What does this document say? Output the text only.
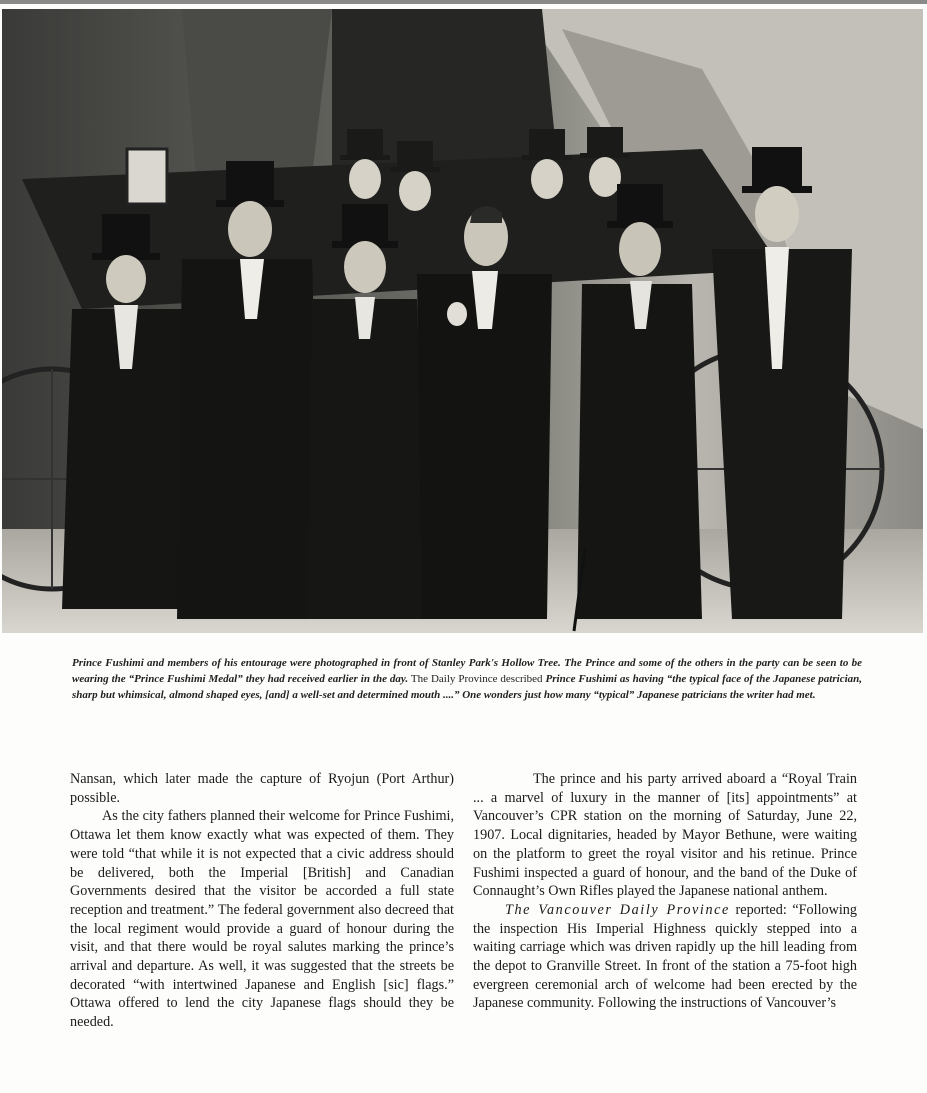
Prince Fushimi and members of his entourage were photographed in front of Stanley Park's Hollow Tree. The Prince and some of the others in the party can be seen to be wearing the “Prince Fushimi Medal” they had received earlier in the day. The Daily Province described Prince Fushimi as having “the typical face of the Japanese patrician, sharp but whimsical, almond shaped eyes, [and] a well-set and determined mouth ....” One wonders just how many “typical” Japanese patricians the writer had met.

Nansan, which later made the capture of Ryojun (Port Arthur) possible.

As the city fathers planned their welcome for Prince Fushimi, Ottawa let them know exactly what was expected of them. They were told “that while it is not expected that a civic address should be delivered, both the Imperial [British] and Canadian Governments desired that the visitor be accorded a full state reception and treatment.” The federal government also decreed that the local regiment would provide a guard of honour during the visit, and that there would be royal salutes marking the prince’s arrival and departure. As well, it was suggested that the streets be decorated “with intertwined Japanese and English [sic] flags.” Ottawa offered to lend the city Japanese flags should they be needed.

The prince and his party arrived aboard a “Royal Train ... a marvel of luxury in the manner of [its] appointments” at Vancouver’s CPR station on the morning of Saturday, June 22, 1907. Local dignitaries, headed by Mayor Bethune, were waiting on the platform to greet the royal visitor and his retinue. Prince Fushimi inspected a guard of honour, and the band of the Duke of Connaught’s Own Rifles played the Japanese national anthem.

The Vancouver Daily Province reported: “Following the inspection His Imperial Highness quickly stepped into a waiting carriage which was driven rapidly up the hill leading from the depot to Granville Street. In front of the station a 75-foot high evergreen ceremonial arch of welcome had been erected by the Japanese community. Following the instructions of Vancouver’s
